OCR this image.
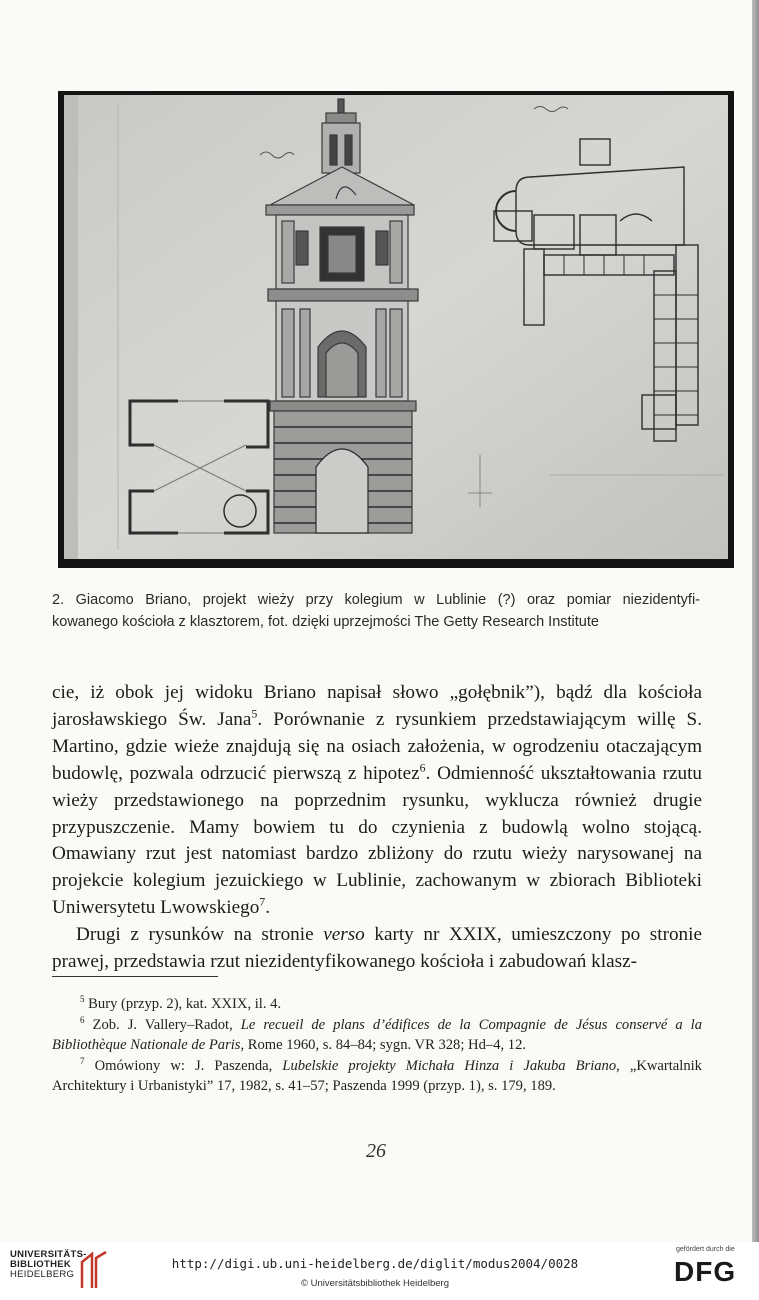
2. Giacomo Briano, projekt wieży przy kolegium w Lublinie (?) oraz pomiar niezidentyfi-

kowanego kościoła z klasztorem, fot. dzięki uprzejmości The Getty Research Institute

cie, iż obok jej widoku Briano napisał słowo „gołębnik”), bądź dla kościoła jarosławskiego Św. Jana$^5$. Porównanie z rysunkiem przedstawiającym willę S. Martino, gdzie wieże znajdują się na osiach założenia, w ogrodzeniu otaczającym budowlę, pozwala odrzucić pierwszą z hipotez$^6$. Odmienność ukształtowania rzutu wieży przedstawionego na poprzednim rysunku, wyklucza również drugie przypuszczenie. Mamy bowiem tu do czynienia z budowlą wolno stojącą. Omawiany rzut jest natomiast bardzo zbliżony do rzutu wieży narysowanej na projekcie kolegium jezuickiego w Lublinie, zachowanym w zbiorach Biblioteki Uniwersytetu Lwowskiego$^7$.

Drugi z rysunków na stronie verso karty nr XXIX, umieszczony po stronie prawej, przedstawia rzut niezidentyfikowanego kościoła i zabudowań klasz-

$^5$ Bury (przyp. 2), kat. XXIX, il. 4.

$^6$ Zob. J. Vallery–Radot, Le recueil de plans d’édifices de la Compagnie de Jésus conservé a la Bibliothèque Nationale de Paris, Rome 1960, s. 84–84; sygn. VR 328; Hd–4, 12.

$^7$ Omówiony w: J. Paszenda, Lubelskie projekty Michała Hinza i Jakuba Briano, „Kwartalnik Architektury i Urbanistyki” 17, 1982, s. 41–57; Paszenda 1999 (przyp. 1), s. 179, 189.

26
UNIVERSITÄTS-
BIBLIOTHEK
HEIDELBERG
http://digi.ub.uni-heidelberg.de/diglit/modus2004/0028
© Universitätsbibliothek Heidelberg
gefördert durch die
DFG
